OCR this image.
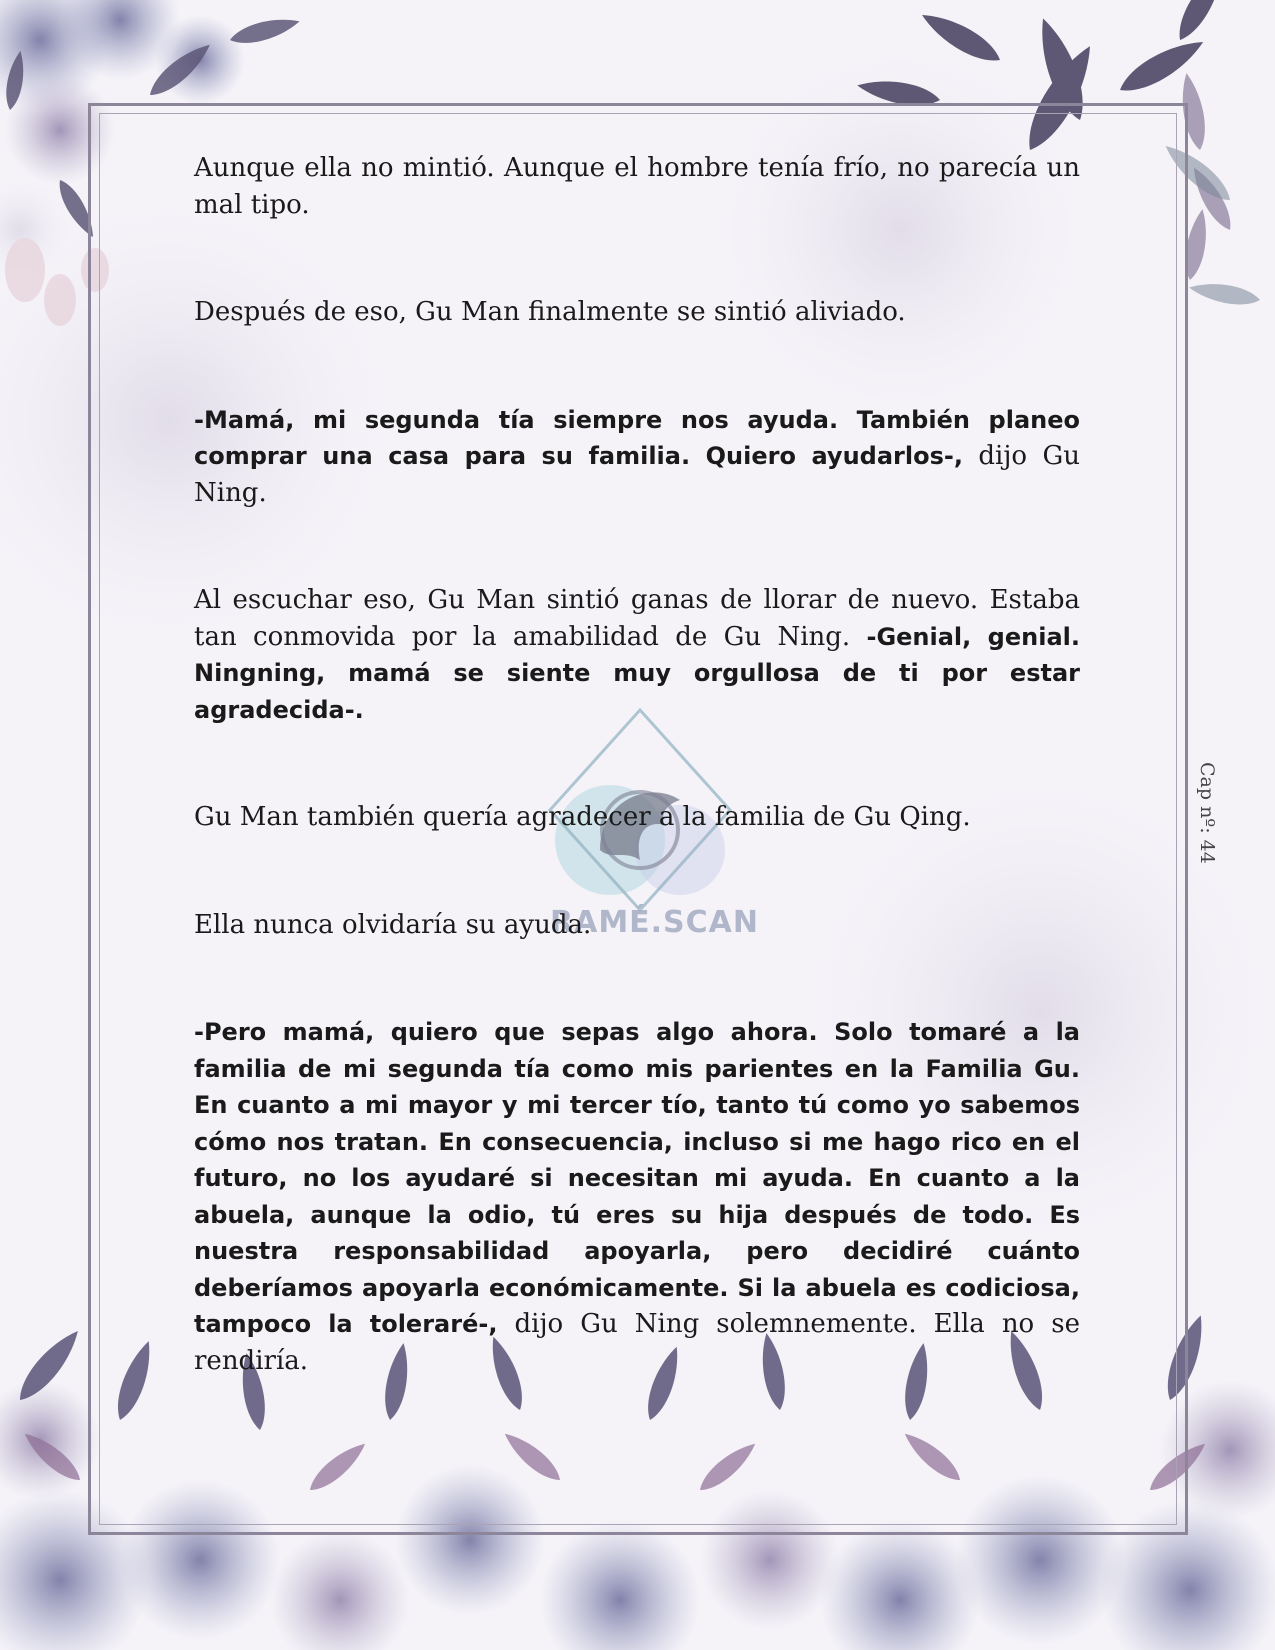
RAMÉ.SCAN

Aunque ella no mintió. Aunque el hombre tenía frío, no parecía un mal tipo.

Después de eso, Gu Man finalmente se sintió aliviado.

-Mamá, mi segunda tía siempre nos ayuda. También planeo comprar una casa para su familia. Quiero ayudarlos-, dijo Gu Ning.

Al escuchar eso, Gu Man sintió ganas de llorar de nuevo. Estaba tan conmovida por la amabilidad de Gu Ning. -Genial, genial. Ningning, mamá se siente muy orgullosa de ti por estar agradecida-.

Gu Man también quería agradecer a la familia de Gu Qing.

Ella nunca olvidaría su ayuda.

-Pero mamá, quiero que sepas algo ahora. Solo tomaré a la familia de mi segunda tía como mis parientes en la Familia Gu. En cuanto a mi mayor y mi tercer tío, tanto tú como yo sabemos cómo nos tratan. En consecuencia, incluso si me hago rico en el futuro, no los ayudaré si necesitan mi ayuda. En cuanto a la abuela, aunque la odio, tú eres su hija después de todo. Es nuestra responsabilidad apoyarla, pero decidiré cuánto deberíamos apoyarla económicamente. Si la abuela es codiciosa, tampoco la toleraré-, dijo Gu Ning solemnemente. Ella no se rendiría.

Cap nº: 44
